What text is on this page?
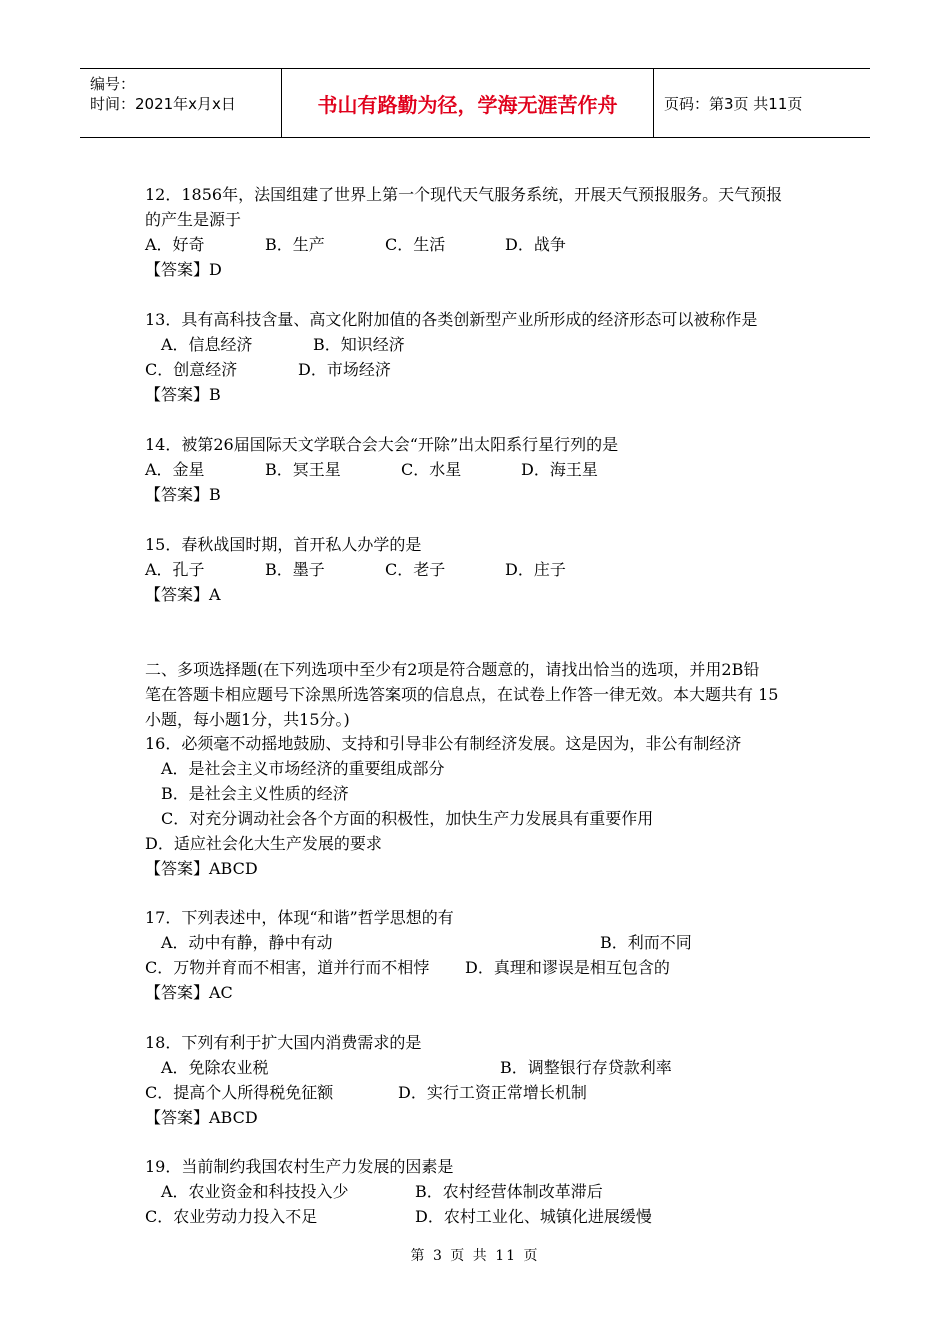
编号：
时间：2021年x月x日	书山有路勤为径，学海无涯苦作舟	页码：第3页 共11页
12．1856年，法国组建了世界上第一个现代天气服务系统，开展天气预报服务。天气预报
的产生是源于
A．好奇	B．生产	C．生活	D．战争
【答案】D
13．具有高科技含量、高文化附加值的各类创新型产业所形成的经济形态可以被称作是
A．信息经济	B．知识经济
C．创意经济	D．市场经济
【答案】B
14．被第26届国际天文学联合会大会“开除”出太阳系行星行列的是
A．金星	B．冥王星	C．水星	D．海王星
【答案】B
15．春秋战国时期，首开私人办学的是
A．孔子	B．墨子	C．老子	D．庄子
【答案】A
二、多项选择题(在下列选项中至少有2项是符合题意的，请找出恰当的选项，并用2B铅
笔在答题卡相应题号下涂黑所选答案项的信息点，在试卷上作答一律无效。本大题共有 15
小题，每小题1分，共15分。)
16．必须毫不动摇地鼓励、支持和引导非公有制经济发展。这是因为，非公有制经济
A．是社会主义市场经济的重要组成部分
B．是社会主义性质的经济
C．对充分调动社会各个方面的积极性，加快生产力发展具有重要作用
D．适应社会化大生产发展的要求
【答案】ABCD
17．下列表述中，体现“和谐”哲学思想的有
A．动中有静，静中有动	B．利而不同
C．万物并育而不相害，道并行而不相悖 D．真理和谬误是相互包含的
【答案】AC
18．下列有利于扩大国内消费需求的是
A．免除农业税	B．调整银行存贷款利率
C．提高个人所得税免征额	D．实行工资正常增长机制
【答案】ABCD
19．当前制约我国农村生产力发展的因素是
A．农业资金和科技投入少	B．农村经营体制改革滞后
C．农业劳动力投入不足	D．农村工业化、城镇化进展缓慢
第 3 页 共 11 页
